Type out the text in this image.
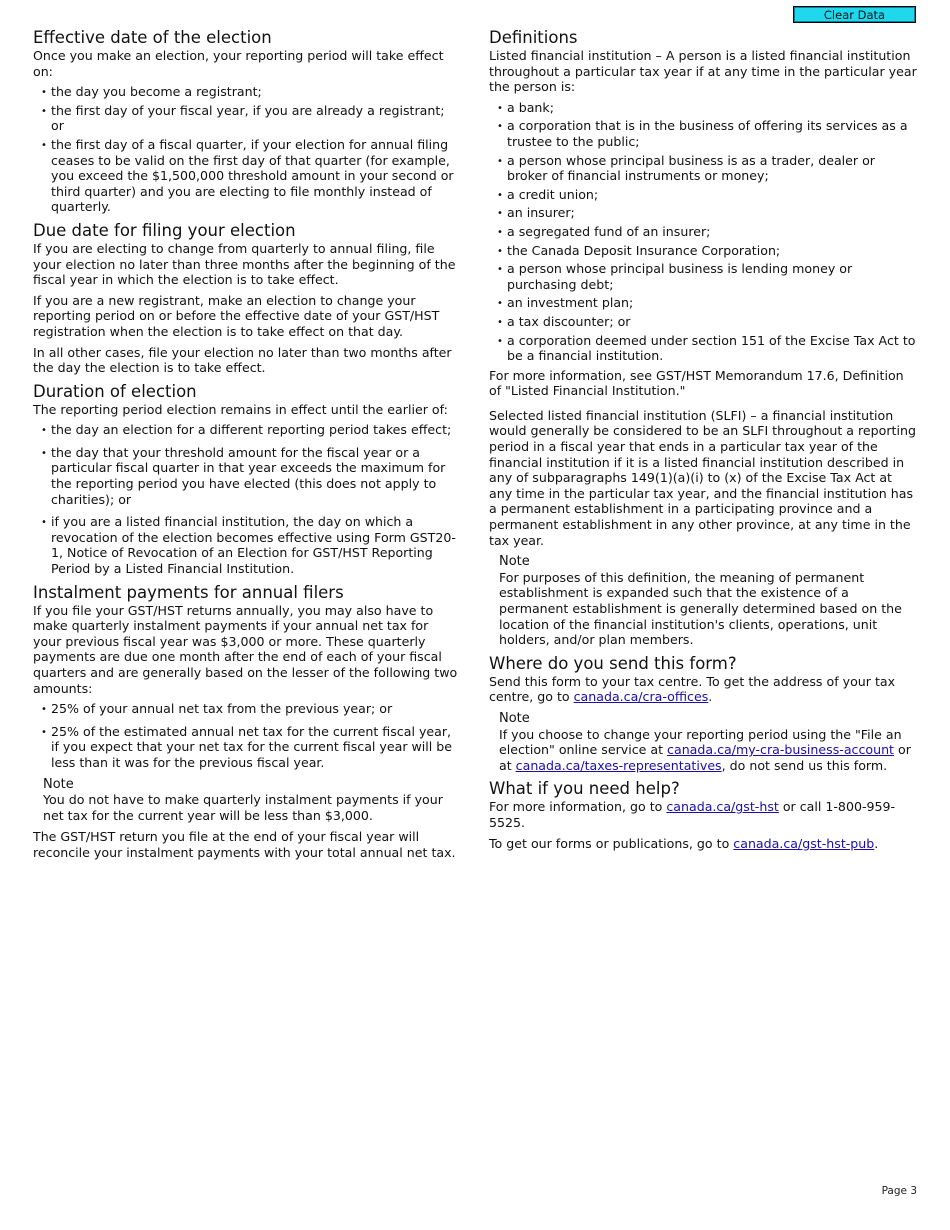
Clear Data
Effective date of the election

Once you make an election, your reporting period will take effect on:

• the day you become a registrant;
• the first day of your fiscal year, if you are already a registrant; or
• the first day of a fiscal quarter, if your election for annual filing ceases to be valid on the first day of that quarter (for example, you exceed the $1,500,000 threshold amount in your second or third quarter) and you are electing to file monthly instead of quarterly.
Due date for filing your election

If you are electing to change from quarterly to annual filing, file your election no later than three months after the beginning of the fiscal year in which the election is to take effect.

If you are a new registrant, make an election to change your reporting period on or before the effective date of your GST/HST registration when the election is to take effect on that day.

In all other cases, file your election no later than two months after the day the election is to take effect.

Duration of election

The reporting period election remains in effect until the earlier of:

• the day an election for a different reporting period takes effect;
• the day that your threshold amount for the fiscal year or a particular fiscal quarter in that year exceeds the maximum for the reporting period you have elected (this does not apply to charities); or
• if you are a listed financial institution, the day on which a revocation of the election becomes effective using Form GST20-1, Notice of Revocation of an Election for GST/HST Reporting Period by a Listed Financial Institution.
Instalment payments for annual filers

If you file your GST/HST returns annually, you may also have to make quarterly instalment payments if your annual net tax for your previous fiscal year was $3,000 or more. These quarterly payments are due one month after the end of each of your fiscal quarters and are generally based on the lesser of the following two amounts:

• 25% of your annual net tax from the previous year; or
• 25% of the estimated annual net tax for the current fiscal year, if you expect that your net tax for the current fiscal year will be less than it was for the previous fiscal year.
Note
You do not have to make quarterly instalment payments if your net tax for the current year will be less than $3,000.

The GST/HST return you file at the end of your fiscal year will reconcile your instalment payments with your total annual net tax.

Definitions

Listed financial institution – A person is a listed financial institution throughout a particular tax year if at any time in the particular year the person is:

• a bank;
• a corporation that is in the business of offering its services as a trustee to the public;
• a person whose principal business is as a trader, dealer or broker of financial instruments or money;
• a credit union;
• an insurer;
• a segregated fund of an insurer;
• the Canada Deposit Insurance Corporation;
• a person whose principal business is lending money or purchasing debt;
• an investment plan;
• a tax discounter; or
• a corporation deemed under section 151 of the Excise Tax Act to be a financial institution.

For more information, see GST/HST Memorandum 17.6, Definition of "Listed Financial Institution."

Selected listed financial institution (SLFI) – a financial institution would generally be considered to be an SLFI throughout a reporting period in a fiscal year that ends in a particular tax year of the financial institution if it is a listed financial institution described in any of subparagraphs 149(1)(a)(i) to (x) of the Excise Tax Act at any time in the particular tax year, and the financial institution has a permanent establishment in a participating province and a permanent establishment in any other province, at any time in the tax year.

Note
For purposes of this definition, the meaning of permanent establishment is expanded such that the existence of a permanent establishment is generally determined based on the location of the financial institution's clients, operations, unit holders, and/or plan members.
Where do you send this form?

Send this form to your tax centre. To get the address of your tax centre, go to canada.ca/cra-offices.

Note
If you choose to change your reporting period using the "File an election" online service at canada.ca/my-cra-business-account or at canada.ca/taxes-representatives, do not send us this form.
What if you need help?

For more information, go to canada.ca/gst-hst or call 1-800-959-5525.

To get our forms or publications, go to canada.ca/gst-hst-pub.

Page 3
